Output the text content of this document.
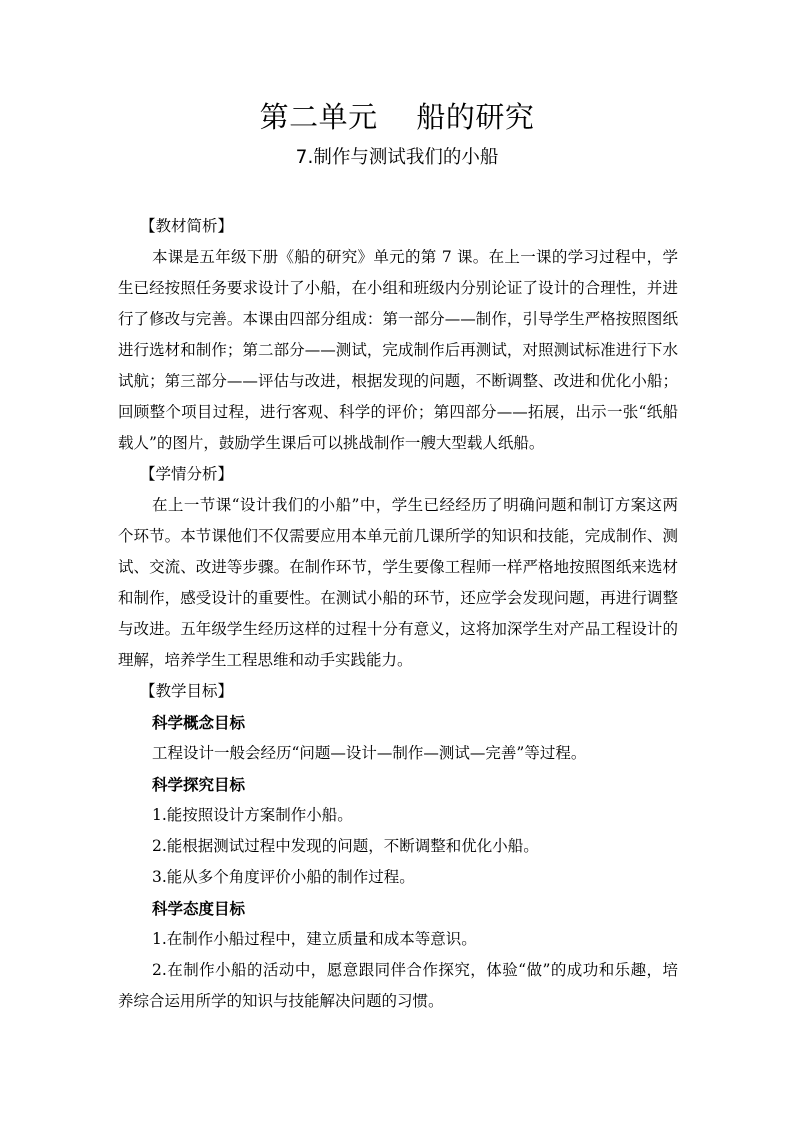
第二单元    船的研究
7.制作与测试我们的小船

【教材简析】

本课是五年级下册《船的研究》单元的第 7 课。在上一课的学习过程中，学生已经按照任务要求设计了小船，在小组和班级内分别论证了设计的合理性，并进行了修改与完善。本课由四部分组成：第一部分——制作，引导学生严格按照图纸进行选材和制作；第二部分——测试，完成制作后再测试，对照测试标准进行下水试航；第三部分——评估与改进，根据发现的问题，不断调整、改进和优化小船；回顾整个项目过程，进行客观、科学的评价；第四部分——拓展，出示一张“纸船载人”的图片，鼓励学生课后可以挑战制作一艘大型载人纸船。

【学情分析】

在上一节课“设计我们的小船”中，学生已经经历了明确问题和制订方案这两个环节。本节课他们不仅需要应用本单元前几课所学的知识和技能，完成制作、测试、交流、改进等步骤。在制作环节，学生要像工程师一样严格地按照图纸来选材和制作，感受设计的重要性。在测试小船的环节，还应学会发现问题，再进行调整与改进。五年级学生经历这样的过程十分有意义，这将加深学生对产品工程设计的理解，培养学生工程思维和动手实践能力。

【教学目标】

科学概念目标

工程设计一般会经历“问题—设计—制作—测试—完善”等过程。

科学探究目标

1.能按照设计方案制作小船。

2.能根据测试过程中发现的问题，不断调整和优化小船。

3.能从多个角度评价小船的制作过程。

科学态度目标

1.在制作小船过程中，建立质量和成本等意识。

2.在制作小船的活动中，愿意跟同伴合作探究，体验“做”的成功和乐趣，培养综合运用所学的知识与技能解决问题的习惯。
